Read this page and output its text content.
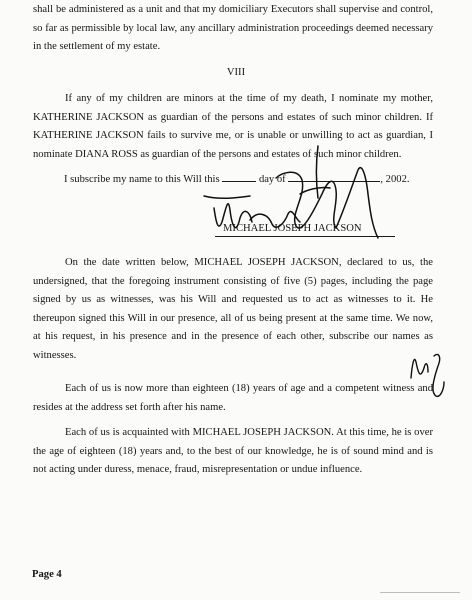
shall be administered as a unit and that my domiciliary Executors shall supervise and control, so far as permissible by local law, any ancillary administration proceedings deemed necessary in the settlement of my estate.

VIII

If any of my children are minors at the time of my death, I nominate my mother, KATHERINE JACKSON as guardian of the persons and estates of such minor children. If KATHERINE JACKSON fails to survive me, or is unable or unwilling to act as guardian, I nominate DIANA ROSS as guardian of the persons and estates of such minor children.

I subscribe my name to this Will this	day of	, 2002.
MICHAEL JOSEPH JACKSON

On the date written below, MICHAEL JOSEPH JACKSON, declared to us, the undersigned, that the foregoing instrument consisting of five (5) pages, including the page signed by us as witnesses, was his Will and requested us to act as witnesses to it. He thereupon signed this Will in our presence, all of us being present at the same time. We now, at his request, in his presence and in the presence of each other, subscribe our names as witnesses.

Each of us is now more than eighteen (18) years of age and a competent witness and resides at the address set forth after his name.

Each of us is acquainted with MICHAEL JOSEPH JACKSON. At this time, he is over the age of eighteen (18) years and, to the best of our knowledge, he is of sound mind and is not acting under duress, menace, fraud, misrepresentation or undue influence.

Page 4
